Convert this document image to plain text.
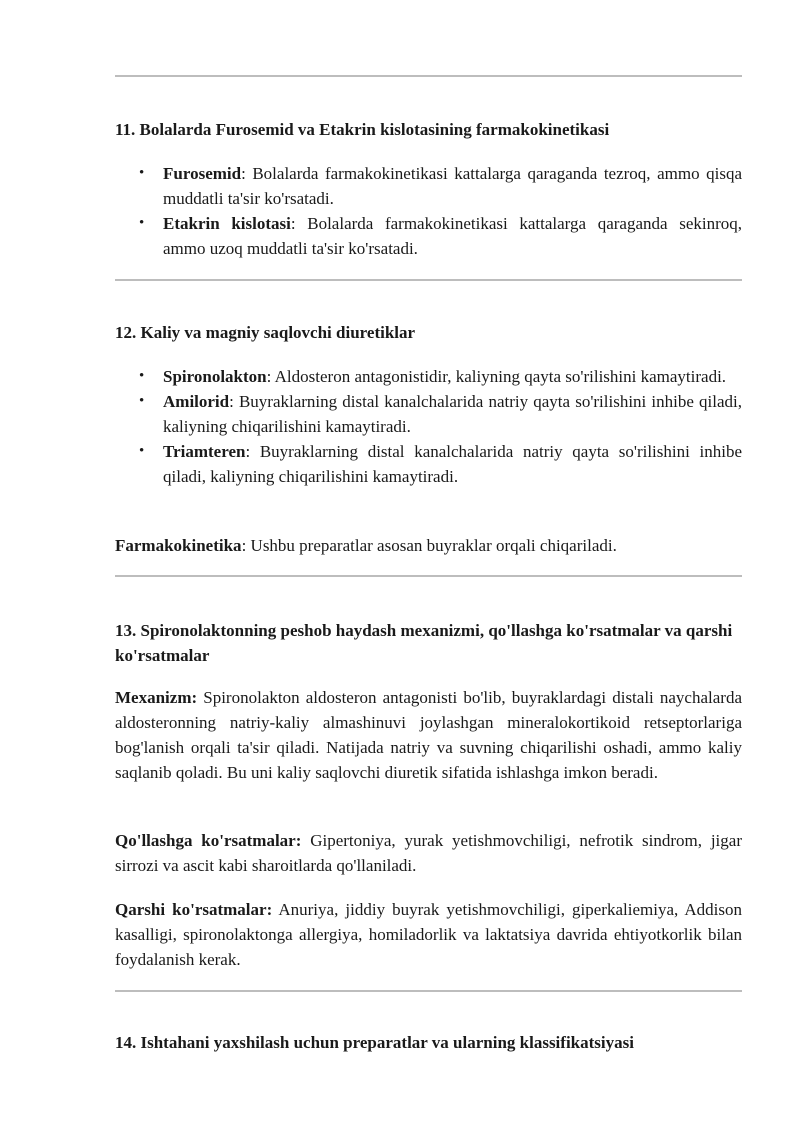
11. Bolalarda Furosemid va Etakrin kislotasining farmakokinetikasi
• Furosemid: Bolalarda farmakokinetikasi kattalarga qaraganda tezroq, ammo qisqa muddatli ta'sir ko'rsatadi.
• Etakrin kislotasi: Bolalarda farmakokinetikasi kattalarga qaraganda sekinroq, ammo uzoq muddatli ta'sir ko'rsatadi.
12. Kaliy va magniy saqlovchi diuretiklar
• Spironolakton: Aldosteron antagonistidir, kaliyning qayta so'rilishini kamaytiradi.
• Amilorid: Buyraklarning distal kanalchalarida natriy qayta so'rilishini inhibe qiladi, kaliyning chiqarilishini kamaytiradi.
• Triamteren: Buyraklarning distal kanalchalarida natriy qayta so'rilishini inhibe qiladi, kaliyning chiqarilishini kamaytiradi.

Farmakokinetika: Ushbu preparatlar asosan buyraklar orqali chiqariladi.

13. Spironolaktonning peshob haydash mexanizmi, qo'llashga ko'rsatmalar va qarshi ko'rsatmalar

Mexanizm: Spironolakton aldosteron antagonisti bo'lib, buyraklardagi distali naychalarda aldosteronning natriy-kaliy almashinuvi joylashgan mineralokortikoid retseptorlariga bog'lanish orqali ta'sir qiladi. Natijada natriy va suvning chiqarilishi oshadi, ammo kaliy saqlanib qoladi. Bu uni kaliy saqlovchi diuretik sifatida ishlashga imkon beradi.

Qo'llashga ko'rsatmalar: Gipertoniya, yurak yetishmovchiligi, nefrotik sindrom, jigar sirrozi va ascit kabi sharoitlarda qo'llaniladi.

Qarshi ko'rsatmalar: Anuriya, jiddiy buyrak yetishmovchiligi, giperkaliemiya, Addison kasalligi, spironolaktonga allergiya, homiladorlik va laktatsiya davrida ehtiyotkorlik bilan foydalanish kerak.

14. Ishtahani yaxshilash uchun preparatlar va ularning klassifikatsiyasi
